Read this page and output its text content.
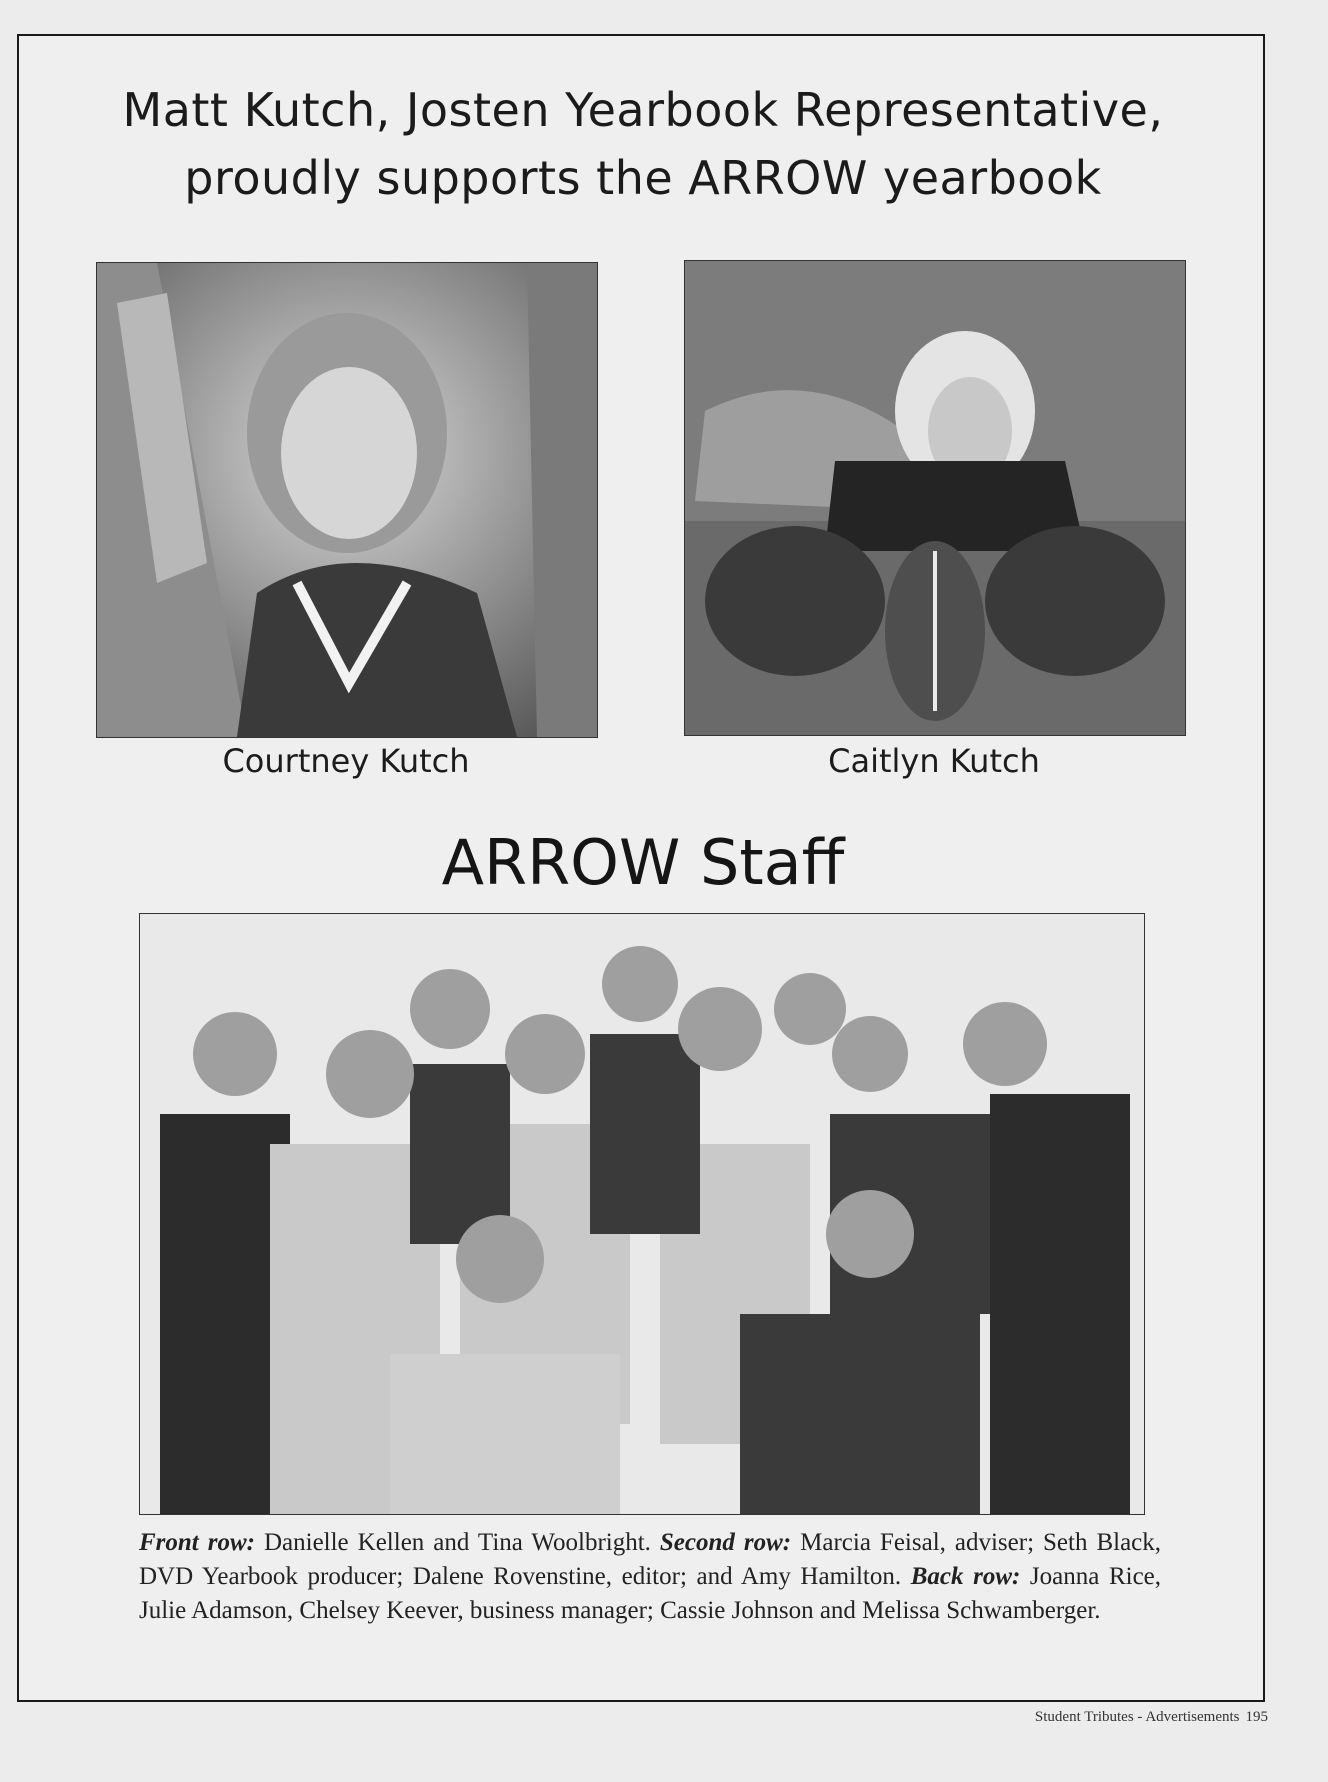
Matt Kutch, Josten Yearbook Representative,
proudly supports the ARROW yearbook
Courtney Kutch	Caitlyn Kutch
ARROW Staff
Front row: Danielle Kellen and Tina Woolbright. Second row: Marcia Feisal, adviser; Seth Black, DVD Yearbook producer; Dalene Rovenstine, editor; and Amy Hamilton. Back row: Joanna Rice, Julie Adamson, Chelsey Keever, business manager; Cassie Johnson and Melissa Schwamberger.
Student Tributes - Advertisements 195
